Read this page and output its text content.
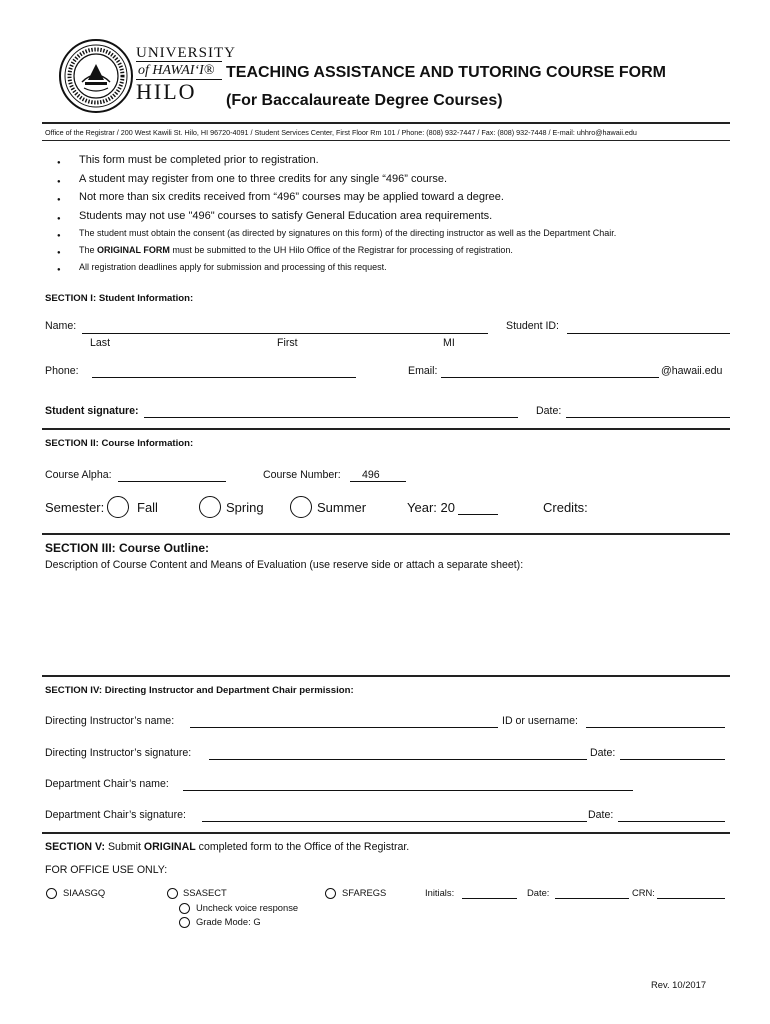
UNIVERSITY
of HAWAIʻI®
HILO
TEACHING ASSISTANCE AND TUTORING COURSE FORM
(For Baccalaureate Degree Courses)
Office of the Registrar / 200 West Kawili St. Hilo, HI 96720-4091 / Student Services Center, First Floor Rm 101 / Phone: (808) 932-7447 / Fax: (808) 932-7448 / E-mail: uhhro@hawaii.edu
● This form must be completed prior to registration.
● A student may register from one to three credits for any single “496” course.
● Not more than six credits received from “496” courses may be applied toward a degree.
● Students may not use "496" courses to satisfy General Education area requirements.
● The student must obtain the consent (as directed by signatures on this form) of the directing instructor as well as the Department Chair.
● The ORIGINAL FORM must be submitted to the UH Hilo Office of the Registrar for processing of registration.
● All registration deadlines apply for submission and processing of this request.
SECTION I: Student Information:
Name:
Last	First	MI
Student ID:
Phone:	Email:	@hawaii.edu
Student signature:	Date:
SECTION II: Course Information:
Course Alpha:	Course Number: 496
Semester:	Fall	Spring	Summer	Year: 20	Credits:
SECTION III: Course Outline:
Description of Course Content and Means of Evaluation (use reserve side or attach a separate sheet):
SECTION IV: Directing Instructor and Department Chair permission:
Directing Instructor’s name:	ID or username:
Directing Instructor’s signature:	Date:
Department Chair’s name:
Department Chair’s signature:	Date:
SECTION V: Submit ORIGINAL completed form to the Office of the Registrar.
FOR OFFICE USE ONLY:
SIAASGQ	SSASECT	SFAREGS	Initials:	Date:	CRN:
Uncheck voice response
Grade Mode: G
Rev. 10/2017
